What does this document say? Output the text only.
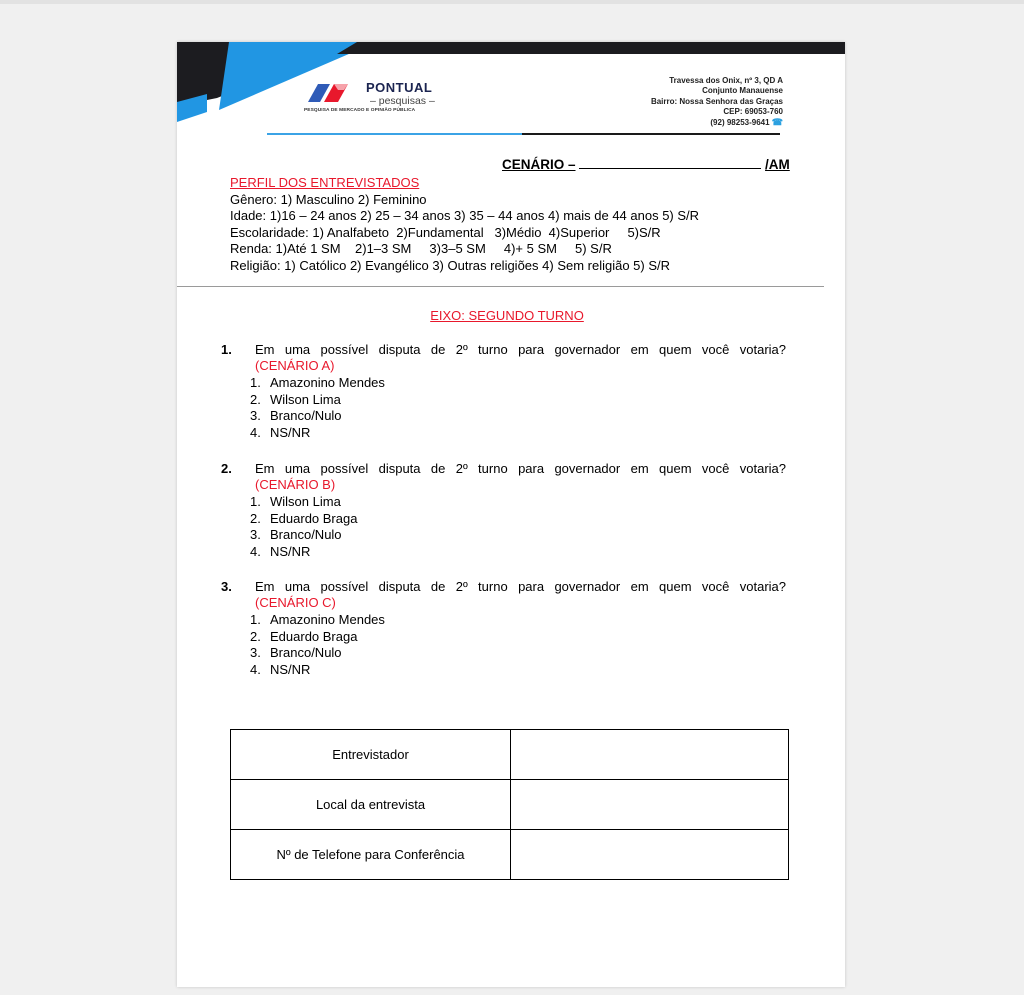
PONTUAL
– pesquisas –
PESQUISA DE MERCADO E OPINIÃO PÚBLICA
Travessa dos Onix, nº 3, QD A
Conjunto Manauense
Bairro: Nossa Senhora das Graças
CEP: 69053-760
(92) 98253-9641 ☎
CENÁRIO –	/AM
PERFIL DOS ENTREVISTADOS
Gênero: 1) Masculino 2) Feminino
Idade: 1)16 – 24 anos 2) 25 – 34 anos 3) 35 – 44 anos 4) mais de 44 anos 5) S/R
Escolaridade: 1) Analfabeto  2)Fundamental   3)Médio  4)Superior     5)S/R
Renda: 1)Até 1 SM    2)1–3 SM     3)3–5 SM     4)+ 5 SM     5) S/R
Religião: 1) Católico 2) Evangélico 3) Outras religiões 4) Sem religião 5) S/R
EIXO: SEGUNDO TURNO
1. Em uma possível disputa de 2º turno para governador em quem você votaria?
(CENÁRIO A)
1. Amazonino Mendes
2. Wilson Lima
3. Branco/Nulo
4. NS/NR
2. Em uma possível disputa de 2º turno para governador em quem você votaria?
(CENÁRIO B)
1. Wilson Lima
2. Eduardo Braga
3. Branco/Nulo
4. NS/NR
3. Em uma possível disputa de 2º turno para governador em quem você votaria?
(CENÁRIO C)
1. Amazonino Mendes
2. Eduardo Braga
3. Branco/Nulo
4. NS/NR
Entrevistador	
Local da entrevista	
Nº de Telefone para Conferência	
